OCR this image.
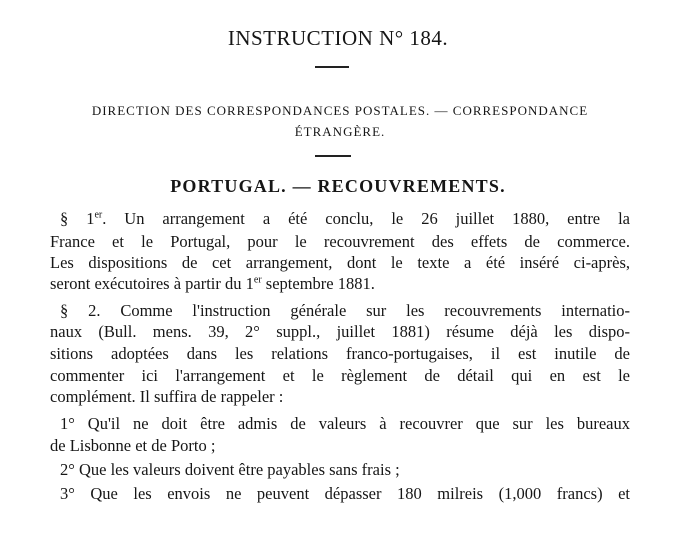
INSTRUCTION N° 184.
DIRECTION DES CORRESPONDANCES POSTALES. — CORRESPONDANCE
ÉTRANGÈRE.
PORTUGAL. — RECOUVREMENTS.
§ 1er. Un arrangement a été conclu, le 26 juillet 1880, entre la
France et le Portugal, pour le recouvrement des effets de commerce.
Les dispositions de cet arrangement, dont le texte a été inséré ci-après,
seront exécutoires à partir du 1er septembre 1881.
§ 2. Comme l'instruction générale sur les recouvrements internatio-
naux (Bull. mens. 39, 2° suppl., juillet 1881) résume déjà les dispo-
sitions adoptées dans les relations franco-portugaises, il est inutile de
commenter ici l'arrangement et le règlement de détail qui en est le
complément. Il suffira de rappeler :
1° Qu'il ne doit être admis de valeurs à recouvrer que sur les bureaux
de Lisbonne et de Porto ;
2° Que les valeurs doivent être payables sans frais ;
3° Que les envois ne peuvent dépasser 180 milreis (1,000 francs) et
